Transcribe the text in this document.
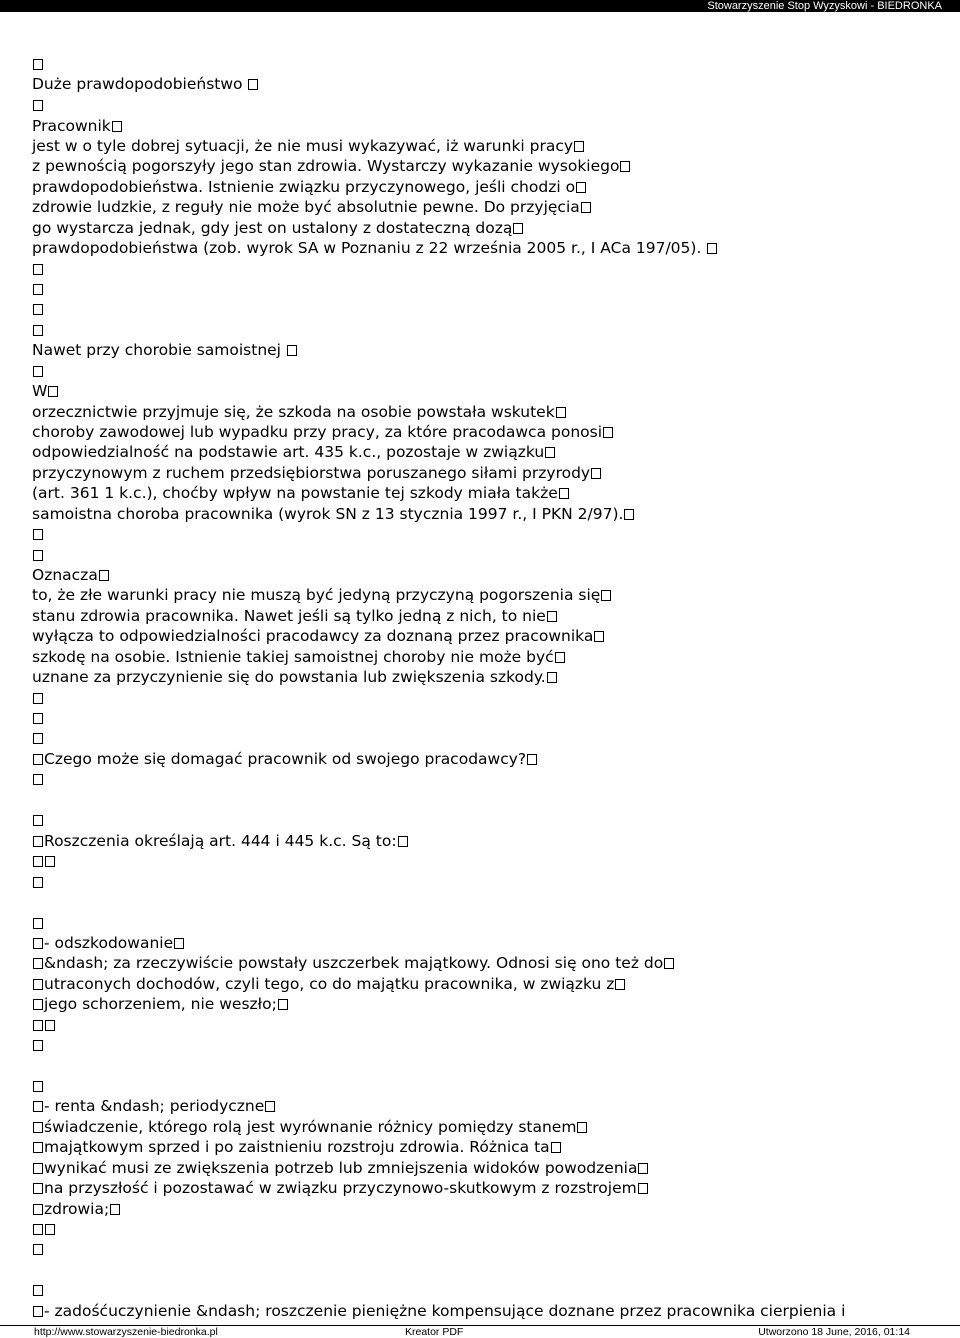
Stowarzyszenie Stop Wyzyskowi - BIEDRONKA
Duże prawdopodobieństwo
Pracownik
jest w o tyle dobrej sytuacji, że nie musi wykazywać, iż warunki pracy
z pewnością pogorszyły jego stan zdrowia. Wystarczy wykazanie wysokiego
prawdopodobieństwa. Istnienie związku przyczynowego, jeśli chodzi o
zdrowie ludzkie, z reguły nie może być absolutnie pewne. Do przyjęcia
go wystarcza jednak, gdy jest on ustalony z dostateczną dozą
prawdopodobieństwa (zob. wyrok SA w Poznaniu z 22 września 2005 r., I ACa 197/05).
Nawet przy chorobie samoistnej
W
orzecznictwie przyjmuje się, że szkoda na osobie powstała wskutek
choroby zawodowej lub wypadku przy pracy, za które pracodawca ponosi
odpowiedzialność na podstawie art. 435 k.c., pozostaje w związku
przyczynowym z ruchem przedsiębiorstwa poruszanego siłami przyrody
(art. 361 1 k.c.), choćby wpływ na powstanie tej szkody miała także
samoistna choroba pracownika (wyrok SN z 13 stycznia 1997 r., I PKN 2/97).
Oznacza
to, że złe warunki pracy nie muszą być jedyną przyczyną pogorszenia się
stanu zdrowia pracownika. Nawet jeśli są tylko jedną z nich, to nie
wyłącza to odpowiedzialności pracodawcy za doznaną przez pracownika
szkodę na osobie. Istnienie takiej samoistnej choroby nie może być
uznane za przyczynienie się do powstania lub zwiększenia szkody.
Czego może się domagać pracownik od swojego pracodawcy?
Roszczenia określają art. 444 i 445 k.c. Są to:
- odszkodowanie
&ndash; za rzeczywiście powstały uszczerbek majątkowy. Odnosi się ono też do
utraconych dochodów, czyli tego, co do majątku pracownika, w związku z
jego schorzeniem, nie weszło;
- renta &ndash; periodyczne
świadczenie, którego rolą jest wyrównanie różnicy pomiędzy stanem
majątkowym sprzed i po zaistnieniu rozstroju zdrowia. Różnica ta
wynikać musi ze zwiększenia potrzeb lub zmniejszenia widoków powodzenia
na przyszłość i pozostawać w związku przyczynowo-skutkowym z rozstrojem
zdrowia;
- zadośćuczynienie &ndash; roszczenie pieniężne kompensujące doznane przez pracownika cierpienia i
http://www.stowarzyszenie-biedronka.pl	Kreator PDF	Utworzono 18 June, 2016, 01:14
